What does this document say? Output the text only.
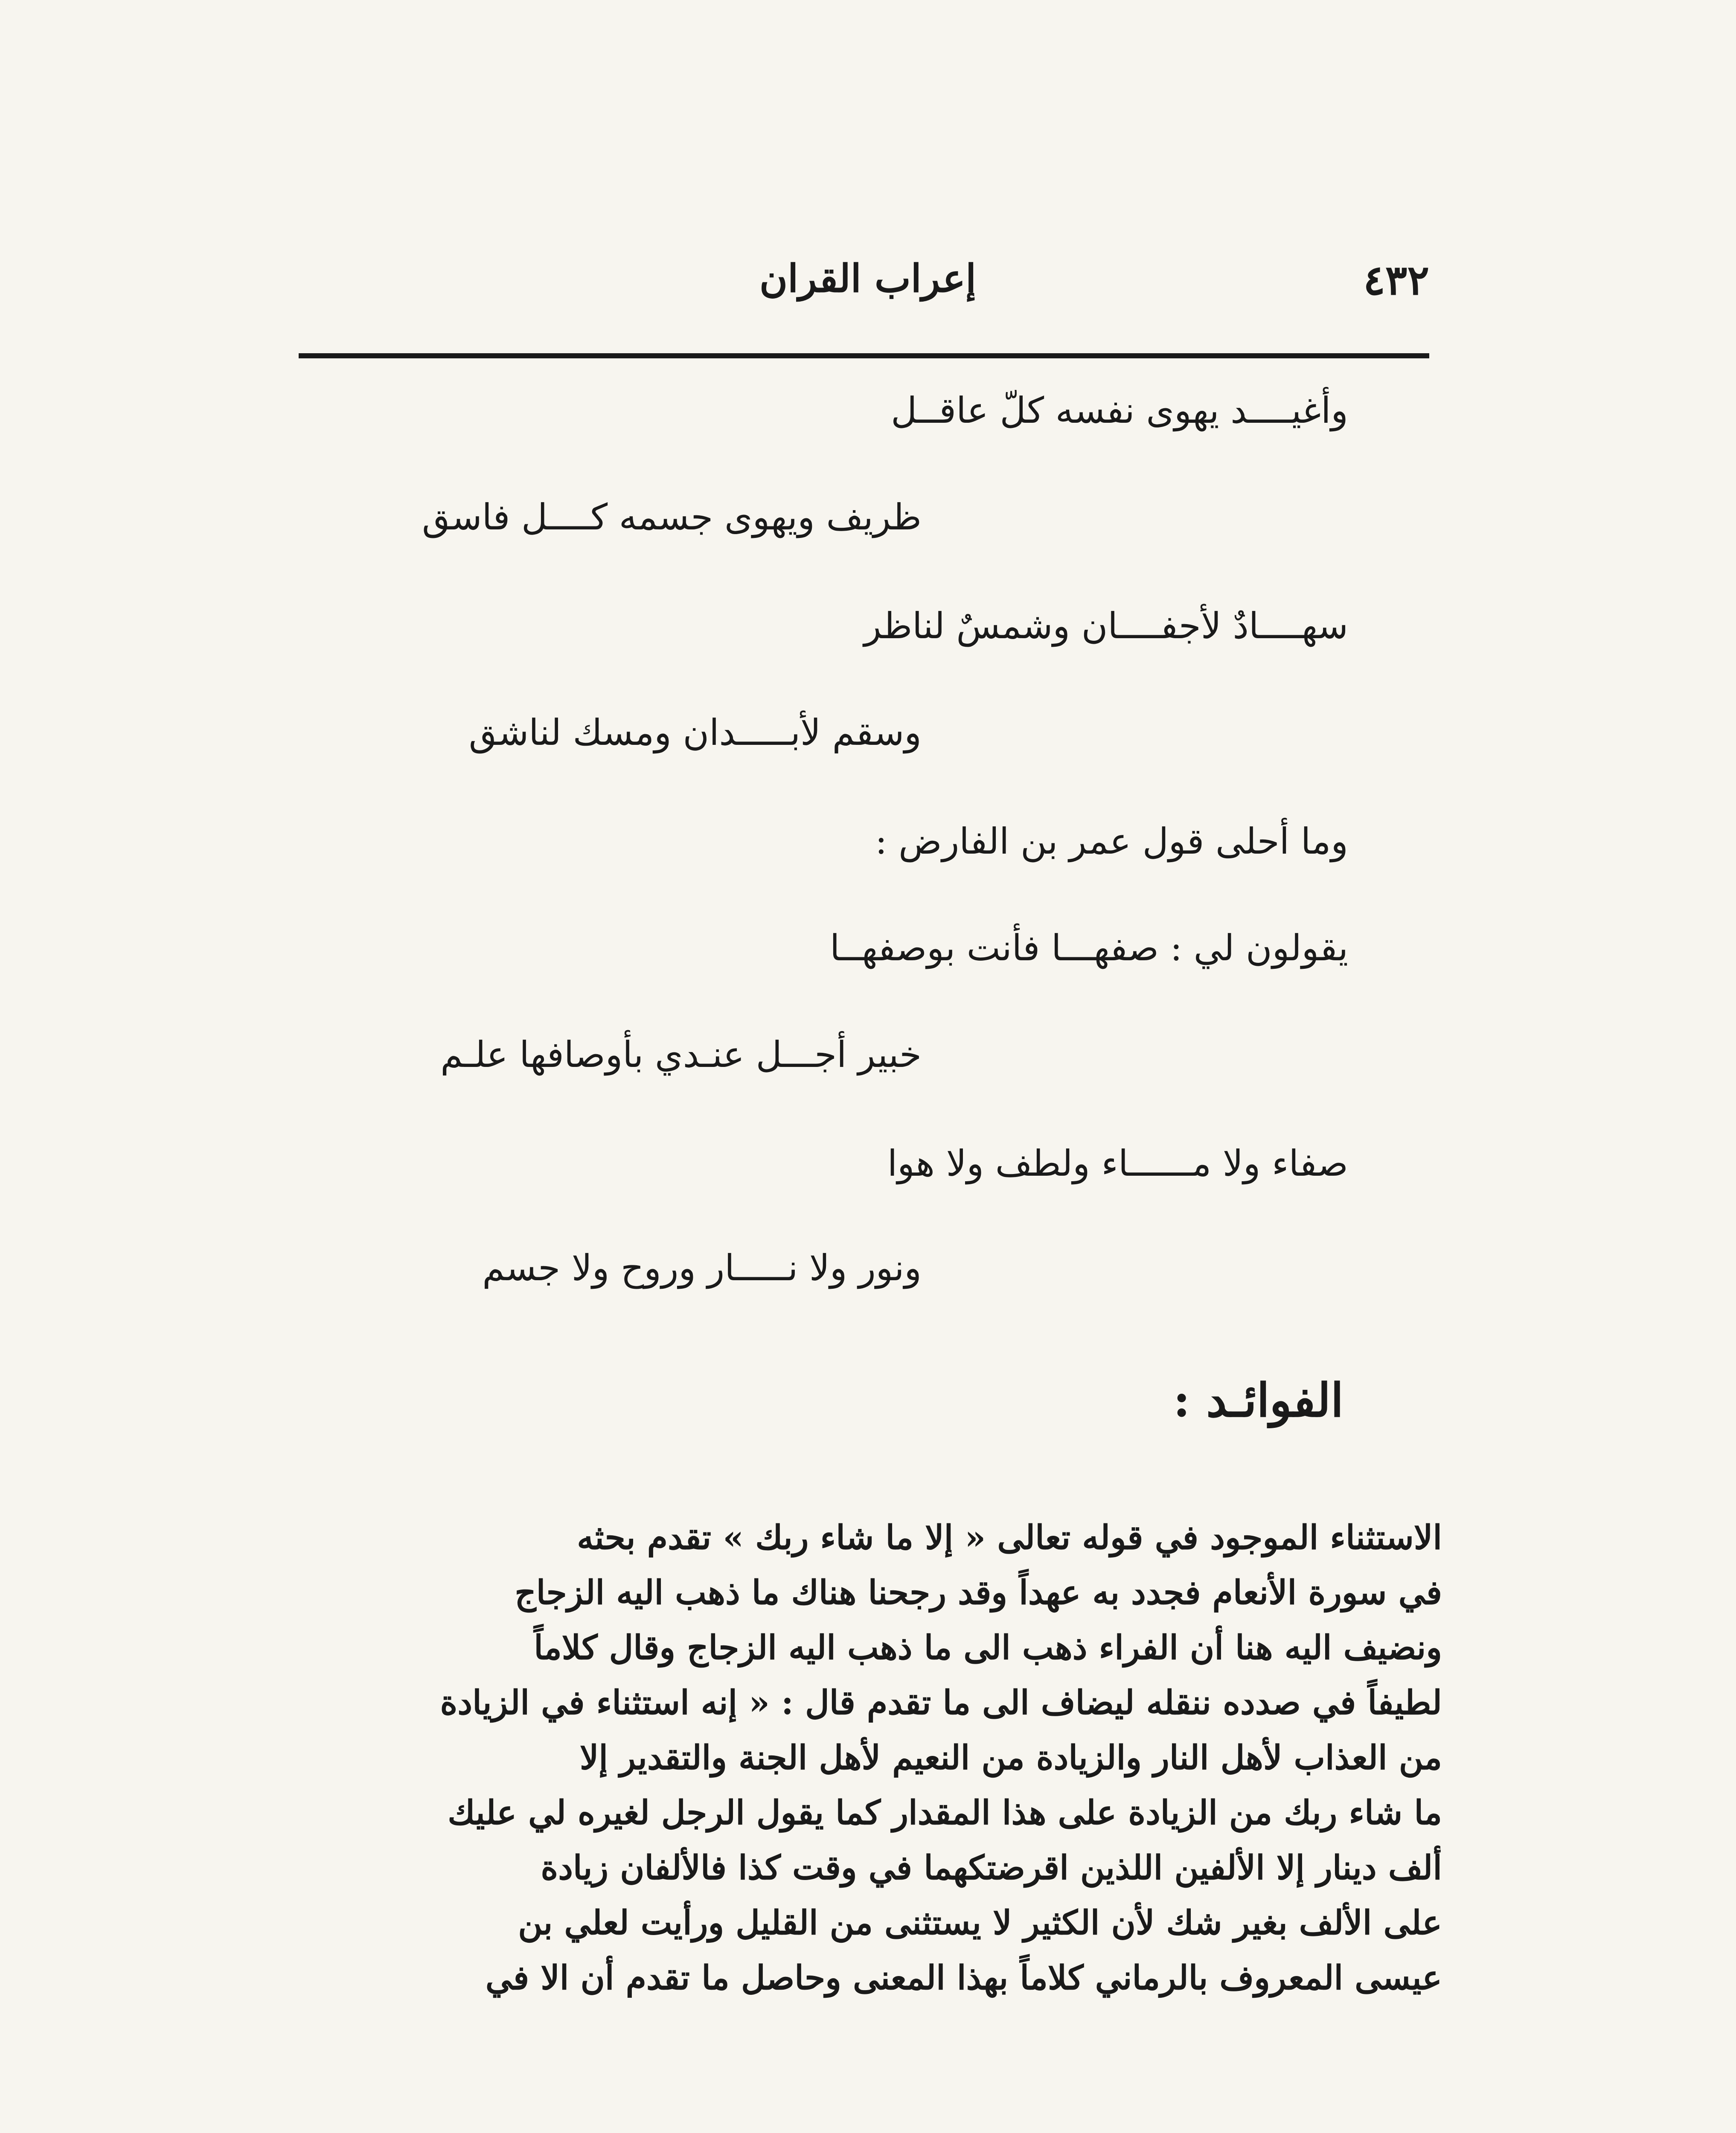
٤٣٢
إعراب القران
وأغيــــد يهوى نفسه كلّ عاقــل
ظريف ويهوى جسمه كــــل فاسق
سهــــادٌ لأجفــــان وشمسٌ لناظر
وسقم لأبـــــدان ومسك لناشق
وما أحلى قول عمر بن الفارض :
يقولون لي : صفهـــا فأنت بوصفهــا
خبير أجـــل عنـدي بأوصافها علـم
صفاء ولا مــــــاء ولطف ولا هوا
ونور ولا نـــــار وروح ولا جسم
الفوائـد :
الاستثناء الموجود في قوله تعالى « إلا ما شاء ربك » تقدم بحثه
في سورة الأنعام فجدد به عهداً وقد رجحنا هناك ما ذهب اليه الزجاج
ونضيف اليه هنا أن الفراء ذهب الى ما ذهب اليه الزجاج وقال كلاماً
لطيفاً في صدده ننقله ليضاف الى ما تقدم قال : « إنه استثناء في الزيادة
من العذاب لأهل النار والزيادة من النعيم لأهل الجنة والتقدير إلا
ما شاء ربك من الزيادة على هذا المقدار كما يقول الرجل لغيره لي عليك
ألف دينار إلا الألفين اللذين اقرضتكهما في وقت كذا فالألفان زيادة
على الألف بغير شك لأن الكثير لا يستثنى من القليل ورأيت لعلي بن
عيسى المعروف بالرماني كلاماً بهذا المعنى وحاصل ما تقدم أن الا في
